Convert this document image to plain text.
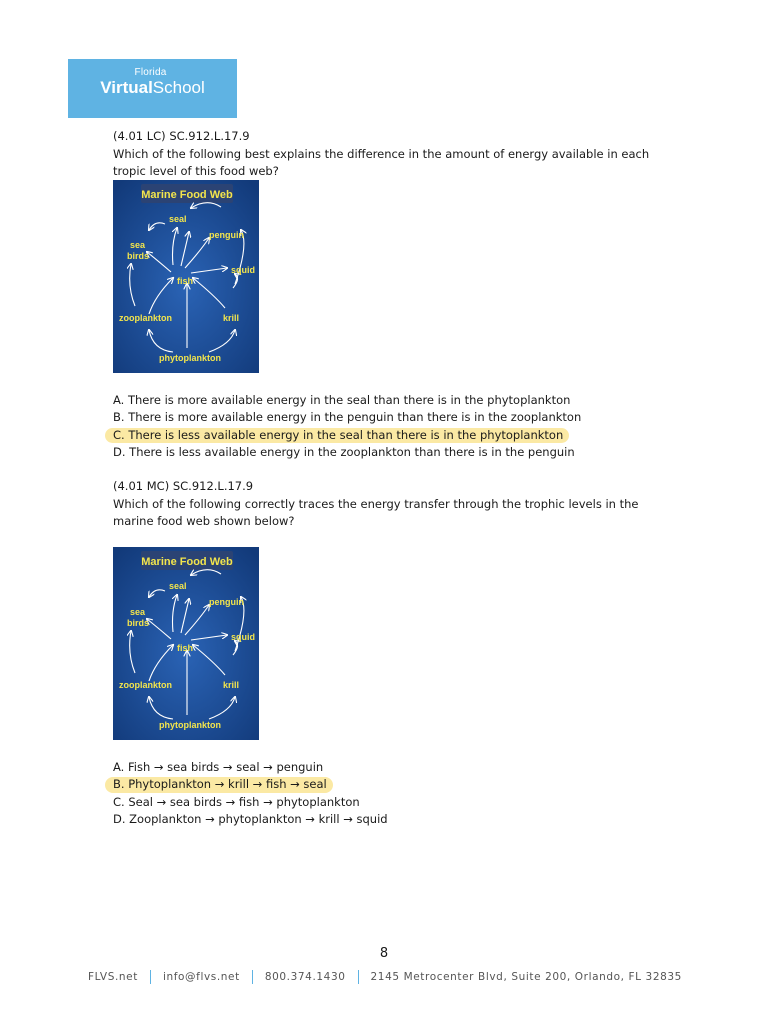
Florida
VirtualSchool

(4.01 LC) SC.912.L.17.9

Which of the following best explains the difference in the amount of energy available in each tropic level of this food web?

Marine Food Web
seal
penguin
sea
birds
squid
fish
zooplankton	krill
phytoplankton
A. There is more available energy in the seal than there is in the phytoplankton
B. There is more available energy in the penguin than there is in the zooplankton
C. There is less available energy in the seal than there is in the phytoplankton
D. There is less available energy in the zooplankton than there is in the penguin

(4.01 MC) SC.912.L.17.9

Which of the following correctly traces the energy transfer through the trophic levels in the marine food web shown below?

Marine Food Web
seal
penguin
sea
birds
squid
fish
zooplankton	krill
phytoplankton
A. Fish → sea birds → seal → penguin
B. Phytoplankton → krill → fish → seal
C. Seal → sea birds → fish → phytoplankton
D. Zooplankton → phytoplankton → krill → squid
8
FLVS.net info@flvs.net 800.374.1430 2145 Metrocenter Blvd, Suite 200, Orlando, FL 32835
